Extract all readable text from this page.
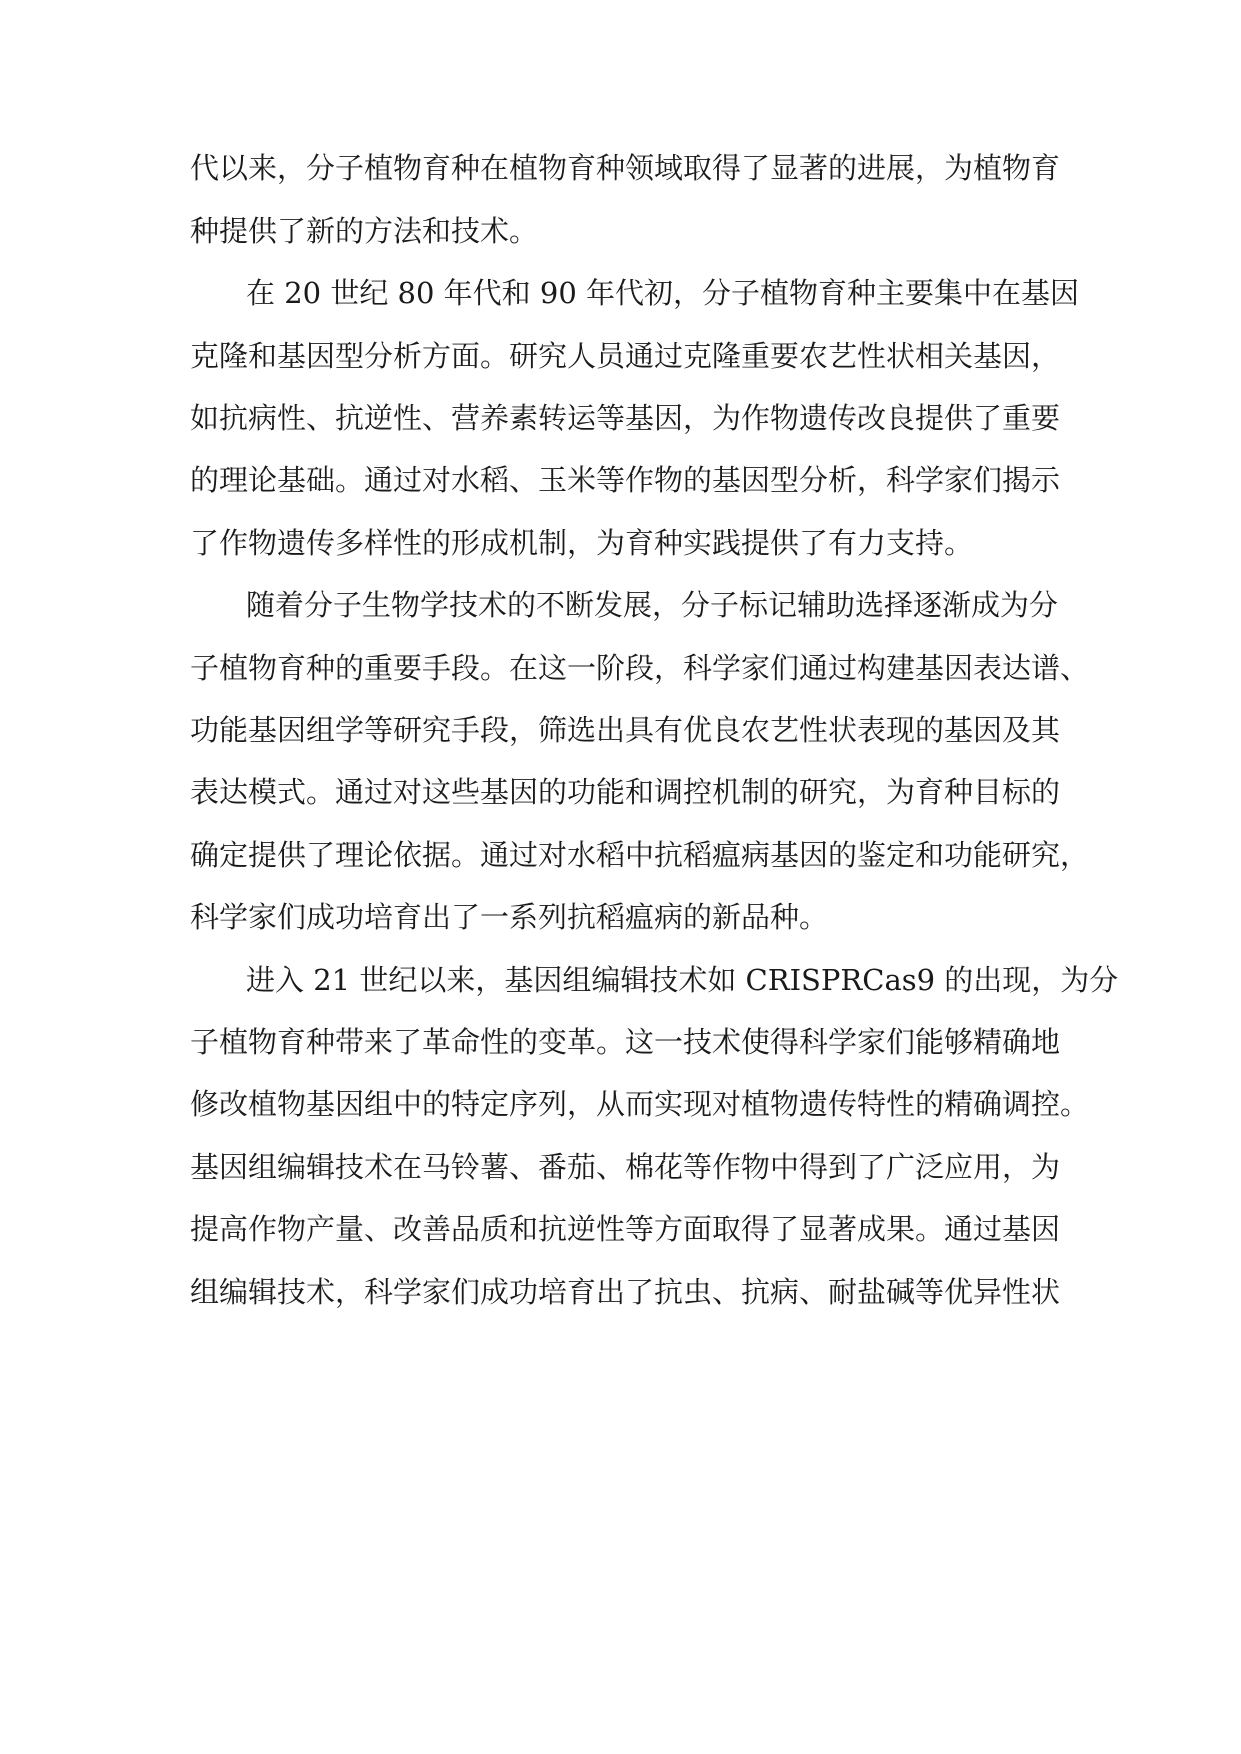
代以来，分子植物育种在植物育种领域取得了显著的进展，为植物育
种提供了新的方法和技术。
在 20 世纪 80 年代和 90 年代初，分子植物育种主要集中在基因
克隆和基因型分析方面。研究人员通过克隆重要农艺性状相关基因，
如抗病性、抗逆性、营养素转运等基因，为作物遗传改良提供了重要
的理论基础。通过对水稻、玉米等作物的基因型分析，科学家们揭示
了作物遗传多样性的形成机制，为育种实践提供了有力支持。
随着分子生物学技术的不断发展，分子标记辅助选择逐渐成为分
子植物育种的重要手段。在这一阶段，科学家们通过构建基因表达谱、
功能基因组学等研究手段，筛选出具有优良农艺性状表现的基因及其
表达模式。通过对这些基因的功能和调控机制的研究，为育种目标的
确定提供了理论依据。通过对水稻中抗稻瘟病基因的鉴定和功能研究，
科学家们成功培育出了一系列抗稻瘟病的新品种。
进入 21 世纪以来，基因组编辑技术如 CRISPRCas9 的出现，为分
子植物育种带来了革命性的变革。这一技术使得科学家们能够精确地
修改植物基因组中的特定序列，从而实现对植物遗传特性的精确调控。
基因组编辑技术在马铃薯、番茄、棉花等作物中得到了广泛应用，为
提高作物产量、改善品质和抗逆性等方面取得了显著成果。通过基因
组编辑技术，科学家们成功培育出了抗虫、抗病、耐盐碱等优异性状
